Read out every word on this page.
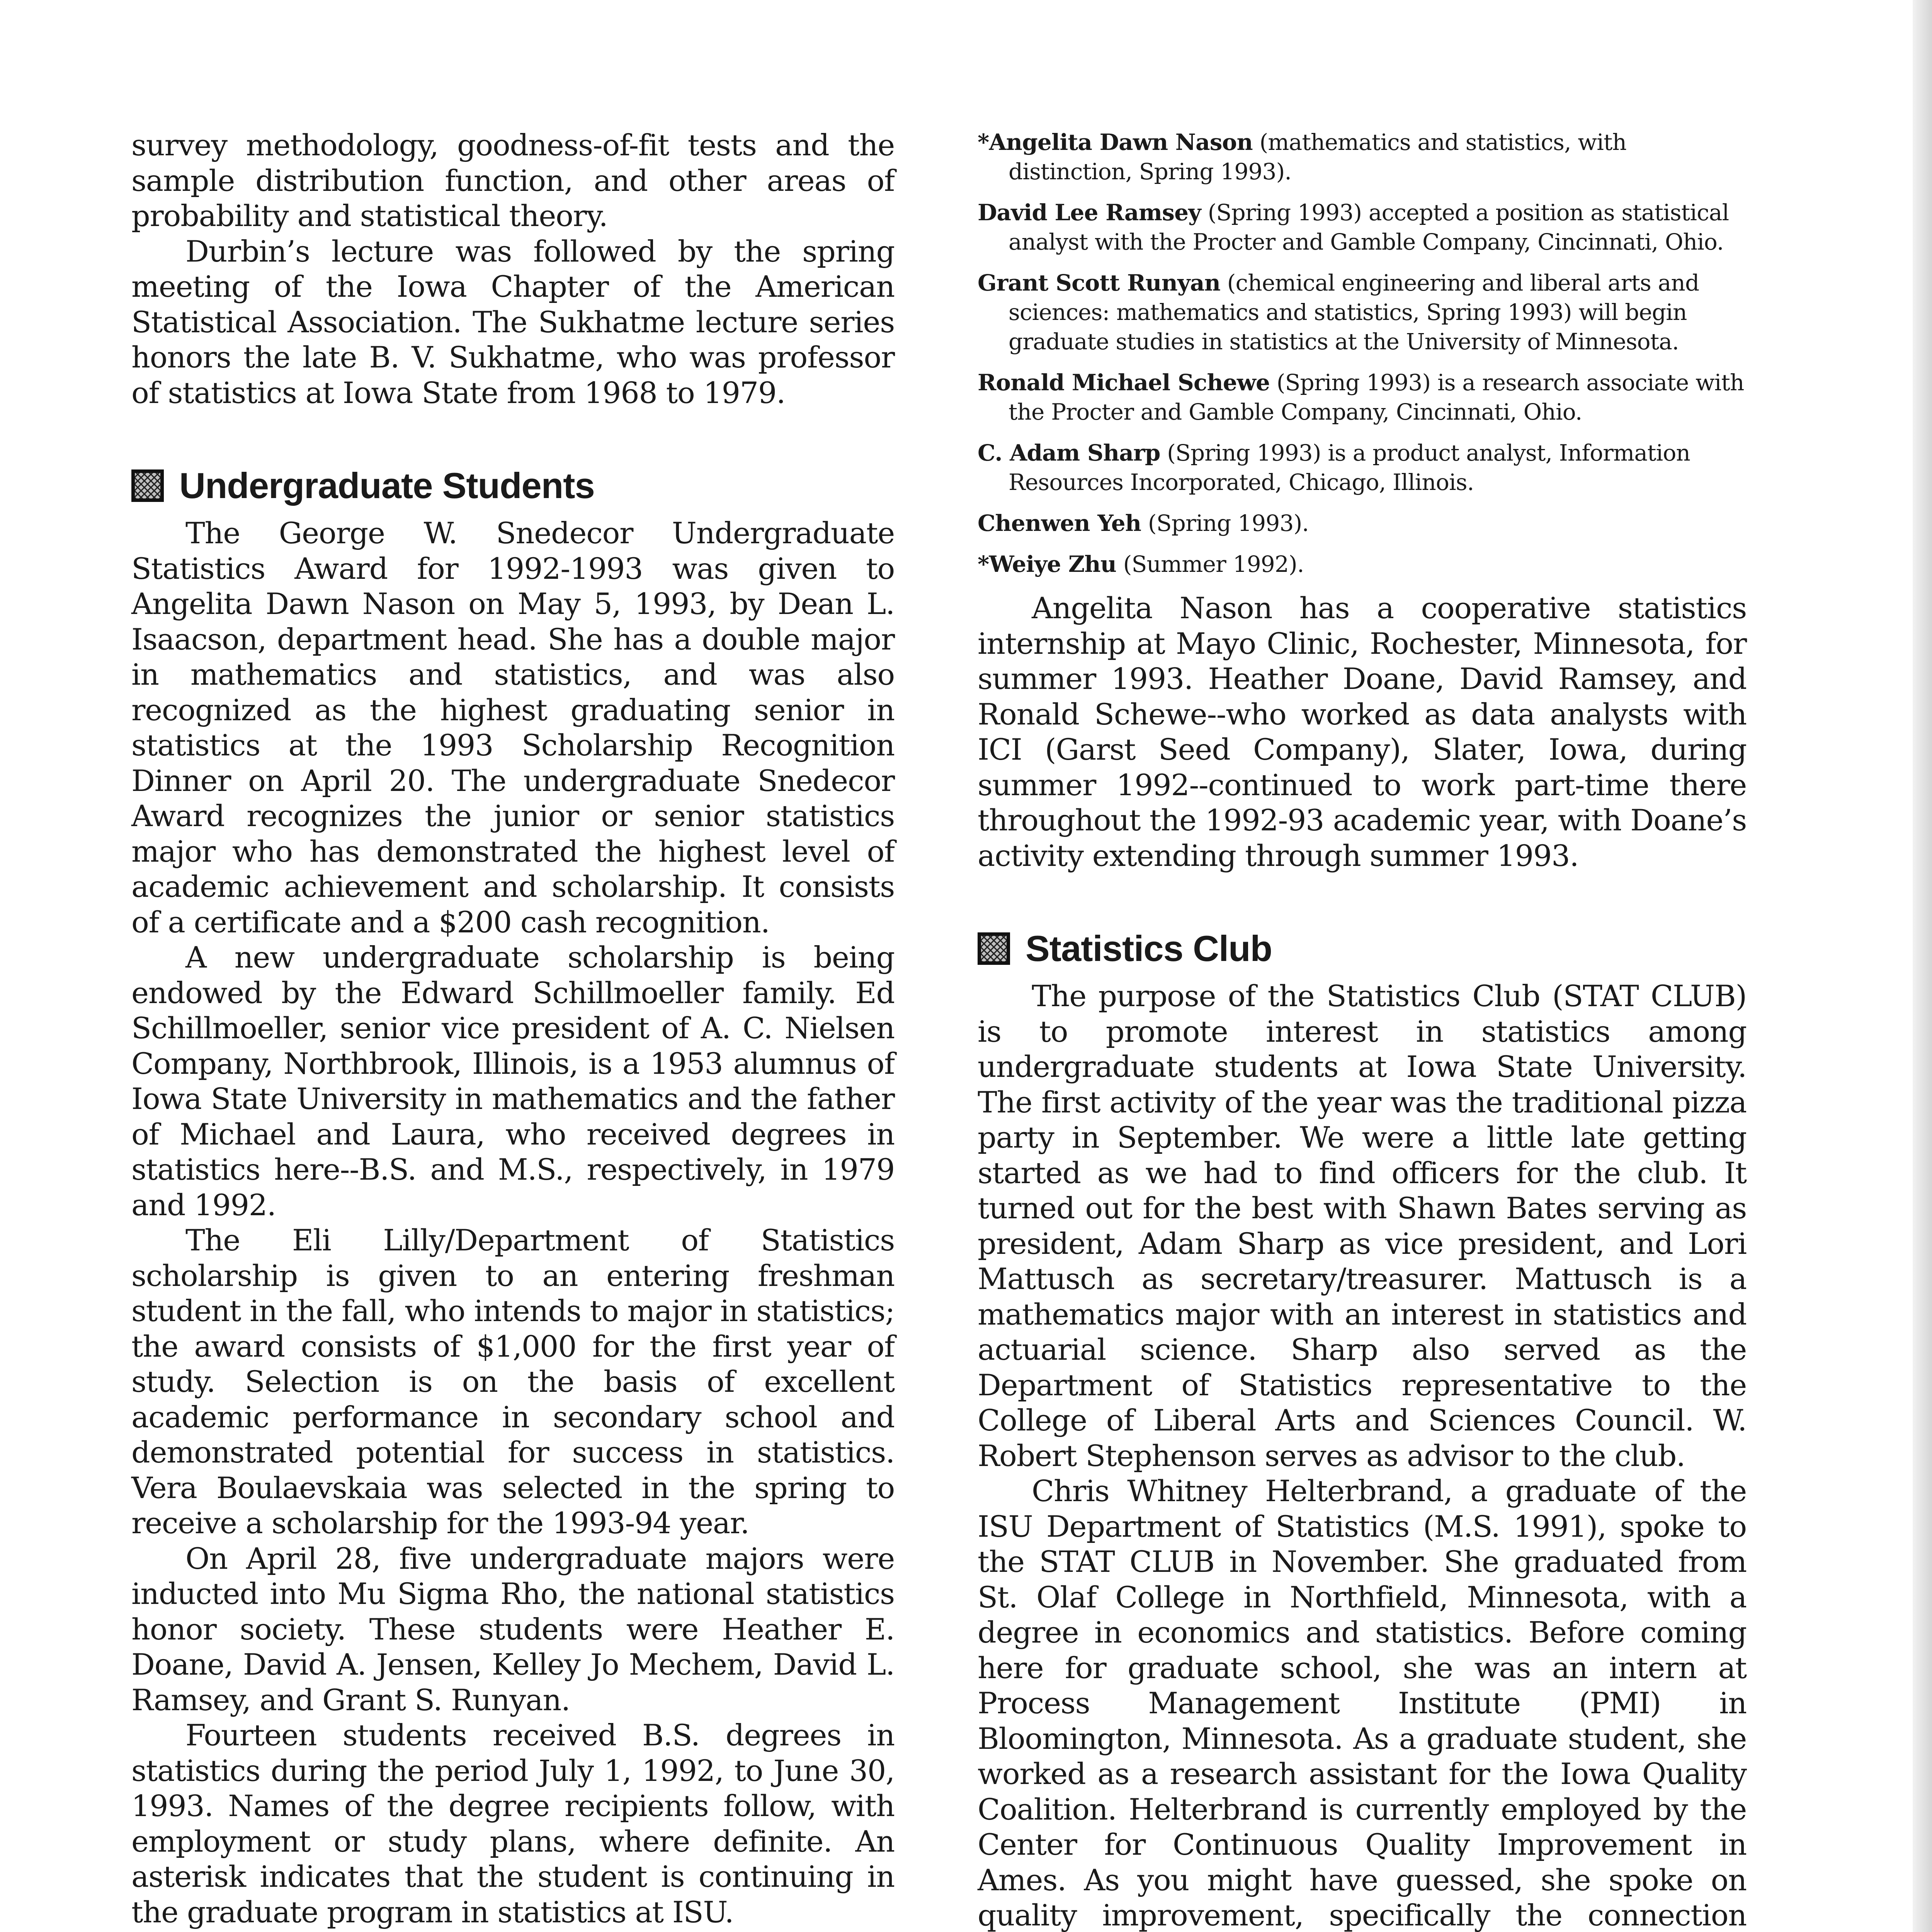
survey methodology, goodness-of-fit tests and the sample distribution function, and other areas of probability and statistical theory.

Durbin’s lecture was followed by the spring meeting of the Iowa Chapter of the American Statistical Association. The Sukhatme lecture series honors the late B. V. Sukhatme, who was professor of statistics at Iowa State from 1968 to 1979.

Undergraduate Students

The George W. Snedecor Undergraduate Statistics Award for 1992-1993 was given to Angelita Dawn Nason on May 5, 1993, by Dean L. Isaacson, department head. She has a double major in mathematics and statistics, and was also recognized as the highest graduating senior in statistics at the 1993 Scholarship Recognition Dinner on April 20. The undergraduate Snedecor Award recognizes the junior or senior statistics major who has demonstrated the highest level of academic achievement and scholarship. It consists of a certificate and a $200 cash recognition.

A new undergraduate scholarship is being endowed by the Edward Schillmoeller family. Ed Schillmoeller, senior vice president of A. C. Nielsen Company, Northbrook, Illinois, is a 1953 alumnus of Iowa State University in mathematics and the father of Michael and Laura, who received degrees in statistics here--B.S. and M.S., respectively, in 1979 and 1992.

The Eli Lilly/Department of Statistics scholarship is given to an entering freshman student in the fall, who intends to major in statistics; the award consists of $1,000 for the first year of study. Selection is on the basis of excellent academic performance in secondary school and demonstrated potential for success in statistics. Vera Boulaevskaia was selected in the spring to receive a scholarship for the 1993-94 year.

On April 28, five undergraduate majors were inducted into Mu Sigma Rho, the national statistics honor society. These students were Heather E. Doane, David A. Jensen, Kelley Jo Mechem, David L. Ramsey, and Grant S. Runyan.

Fourteen students received B.S. degrees in statistics during the period July 1, 1992, to June 30, 1993. Names of the degree recipients follow, with employment or study plans, where definite. An asterisk indicates that the student is continuing in the graduate program in statistics at ISU.

*Angelita Dawn Nason (mathematics and statistics, with distinction, Spring 1993).
David Lee Ramsey (Spring 1993) accepted a position as statistical analyst with the Procter and Gamble Company, Cincinnati, Ohio.
Grant Scott Runyan (chemical engineering and liberal arts and sciences: mathematics and statistics, Spring 1993) will begin graduate studies in statistics at the University of Minnesota.
Ronald Michael Schewe (Spring 1993) is a research associate with the Procter and Gamble Company, Cincinnati, Ohio.
C. Adam Sharp (Spring 1993) is a product analyst, Information Resources Incorporated, Chicago, Illinois.
Chenwen Yeh (Spring 1993).
*Weiye Zhu (Summer 1992).

Angelita Nason has a cooperative statistics internship at Mayo Clinic, Rochester, Minnesota, for summer 1993. Heather Doane, David Ramsey, and Ronald Schewe--who worked as data analysts with ICI (Garst Seed Company), Slater, Iowa, during summer 1992--continued to work part-time there throughout the 1992-93 academic year, with Doane’s activity extending through summer 1993.

Statistics Club

The purpose of the Statistics Club (STAT CLUB) is to promote interest in statistics among undergraduate students at Iowa State University. The first activity of the year was the traditional pizza party in September. We were a little late getting started as we had to find officers for the club. It turned out for the best with Shawn Bates serving as president, Adam Sharp as vice president, and Lori Mattusch as secretary/treasurer. Mattusch is a mathematics major with an interest in statistics and actuarial science. Sharp also served as the Department of Statistics representative to the College of Liberal Arts and Sciences Council. W. Robert Stephenson serves as advisor to the club.

Chris Whitney Helterbrand, a graduate of the ISU Department of Statistics (M.S. 1991), spoke to the STAT CLUB in November. She graduated from St. Olaf College in Northfield, Minnesota, with a degree in economics and statistics. Before coming here for graduate school, she was an intern at Process Management Institute (PMI) in Bloomington, Minnesota. As a graduate student, she worked as a research assistant for the Iowa Quality Coalition. Helterbrand is currently employed by the Center for Continuous Quality Improvement in Ames. As you might have guessed, she spoke on quality improvement, specifically the connection
